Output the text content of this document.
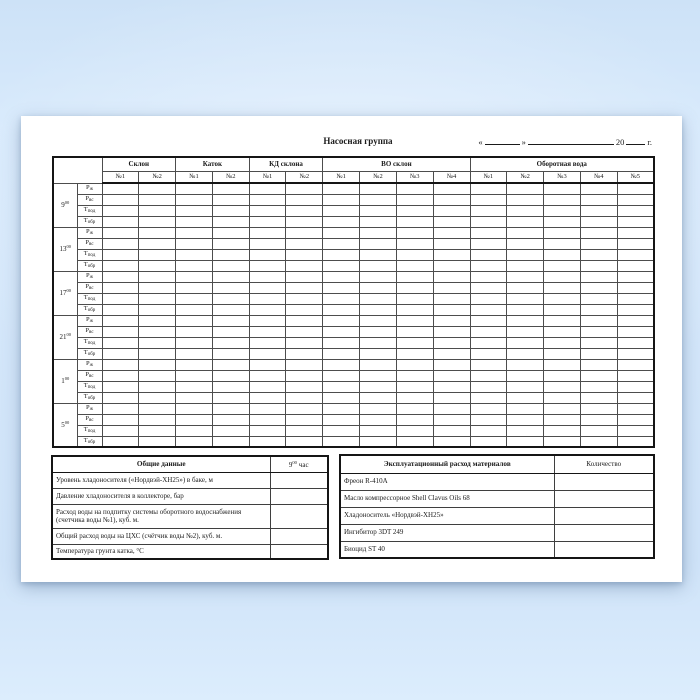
Насосная группа	«	»	20	г.
		Склон		Каток		КД склона		ВО склон				Оборотная вода				
		№1	№2	№1	№2	№1	№2	№1	№2	№3	№4	№1	№2	№3	№4	№5
$9^{00}$	$Р_ж$															
	$Р_{вс}$															
	$Т_{под}$															
	$Т_{обр}$															
$13^{00}$	$Р_ж$															
	$Р_{вс}$															
	$Т_{под}$															
	$Т_{обр}$															
$17^{00}$	$Р_ж$															
	$Р_{вс}$															
	$Т_{под}$															
	$Т_{обр}$															
$21^{00}$	$Р_ж$															
	$Р_{вс}$															
	$Т_{под}$															
	$Т_{обр}$															
$1^{00}$	$Р_ж$															
	$Р_{вс}$															
	$Т_{под}$															
	$Т_{обр}$															
$5^{00}$	$Р_ж$															
	$Р_{вс}$															
	$Т_{под}$															
	$Т_{обр}$															
Общие данные	$9^{00}$ час
Уровень хладоносителя («Нордвэй-ХН25») в баке, м	
Давление хладоносителя в коллекторе, бар	
Расход воды на подпитку системы оборотного водоснабжения (счетчика воды №1), куб. м.	
Общий расход воды на ЦХС (счётчик воды №2), куб. м.	
Температура грунта катка, °С	
Эксплуатационный расход материалов	Количество
Фреон R-410A	
Масло компрессорное Shell Clavus Oils 68	
Хладоноситель «Нордвэй-ХН25»	
Ингибитор 3DT 249	
Биоцид ST 40	
